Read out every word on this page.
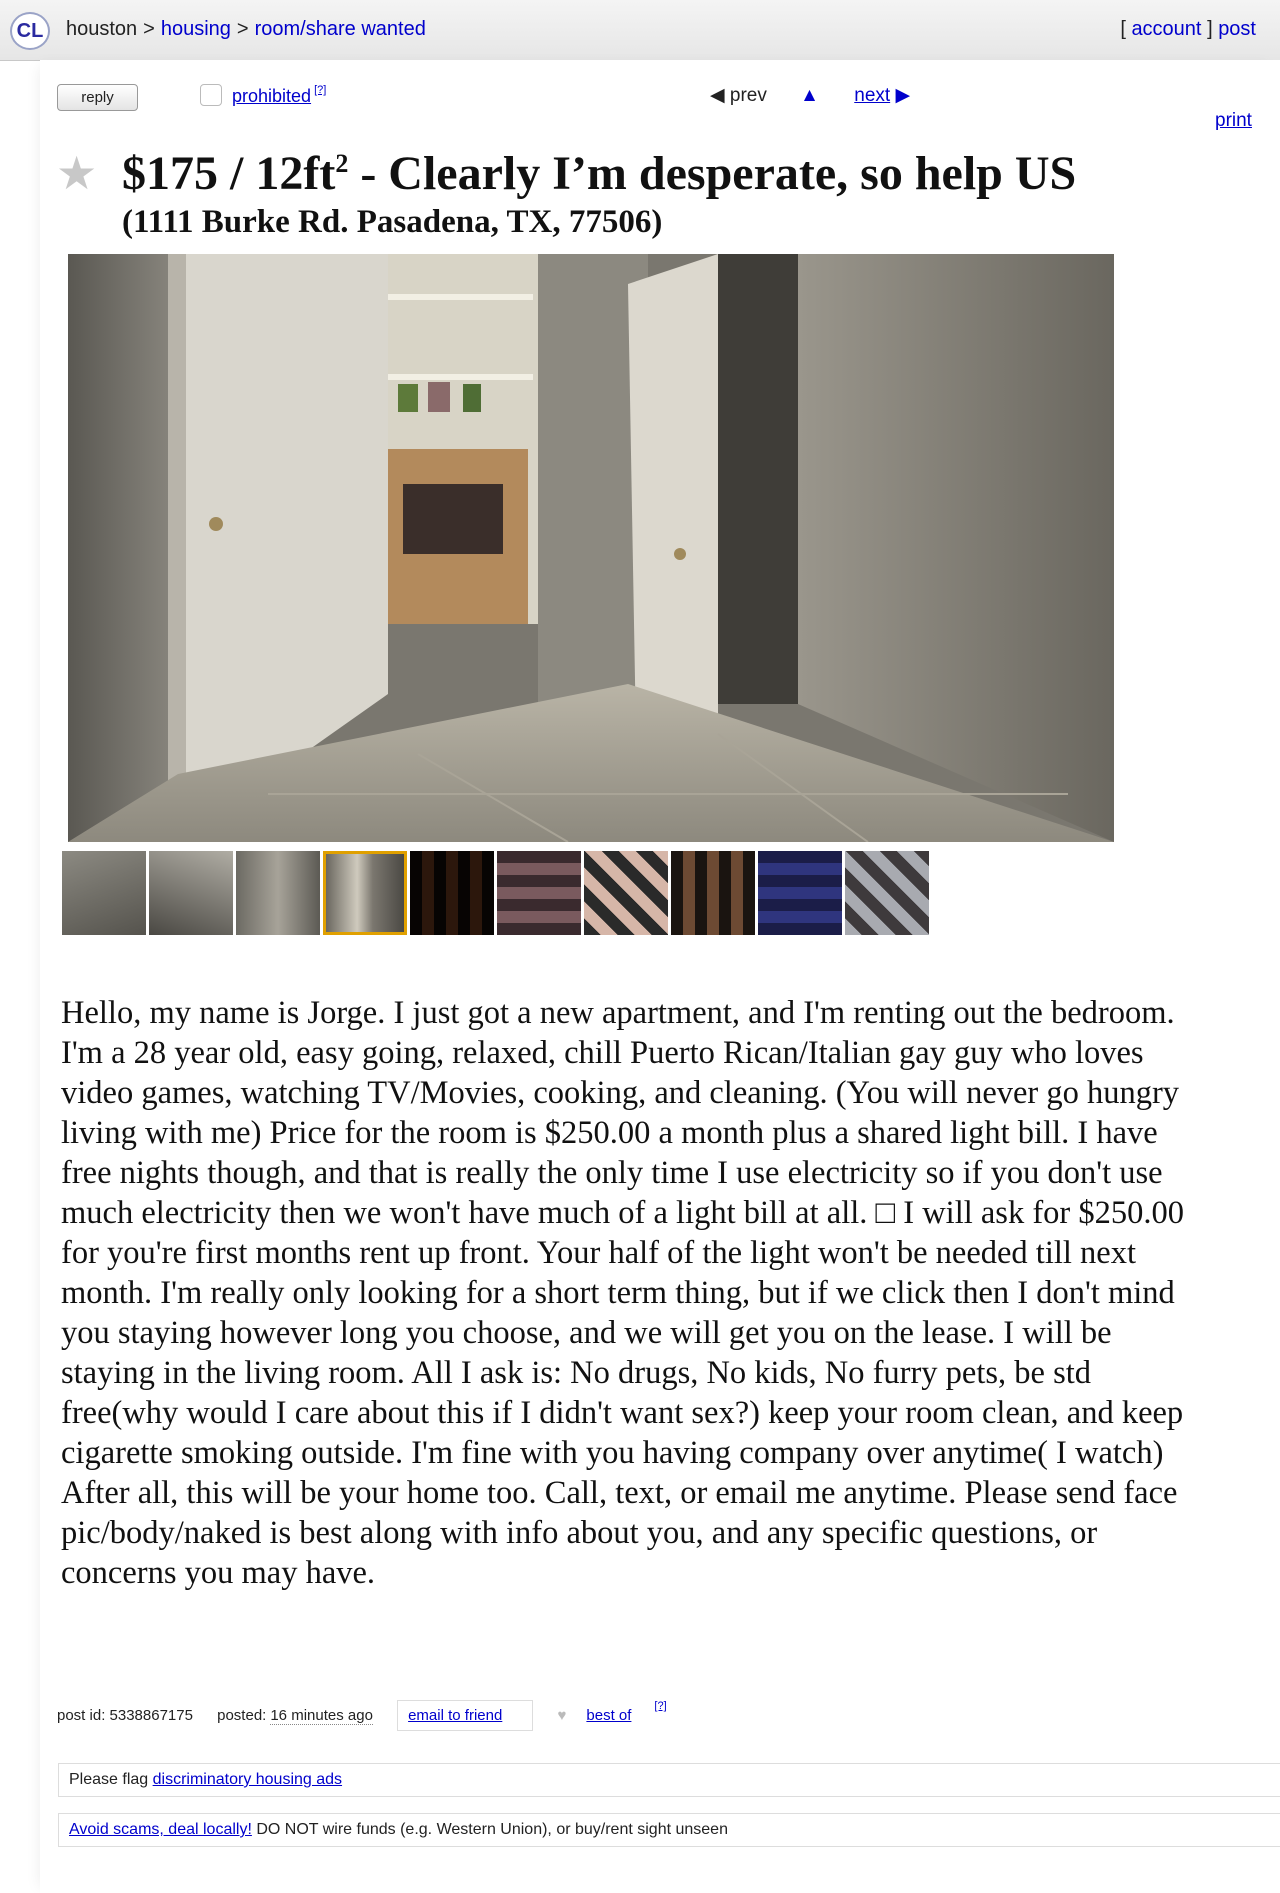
CL	houston > housing > room/share wanted	[ account ] post
reply	prohibited [?]	◀ prev ▲ next ▶
print
★ $175 / $12ft^2$ - Clearly I’m desperate, so help US
(1111 Burke Rd. Pasadena, TX, 77506)
Hello, my name is Jorge. I just got a new apartment, and I'm renting out the bedroom. I'm a 28 year old, easy going, relaxed, chill Puerto Rican/Italian gay guy who loves video games, watching TV/Movies, cooking, and cleaning. (You will never go hungry living with me) Price for the room is $250.00 a month plus a shared light bill. I have free nights though, and that is really the only time I use electricity so if you don't use much electricity then we won't have much of a light bill at all. □ I will ask for $250.00 for you're first months rent up front. Your half of the light won't be needed till next month. I'm really only looking for a short term thing, but if we click then I don't mind you staying however long you choose, and we will get you on the lease. I will be staying in the living room. All I ask is: No drugs, No kids, No furry pets, be std free(why would I care about this if I didn't want sex?) keep your room clean, and keep cigarette smoking outside. I'm fine with you having company over anytime( I watch) After all, this will be your home too. Call, text, or email me anytime. Please send face pic/body/naked is best along with info about you, and any specific questions, or concerns you may have.
post id: 5338867175 posted: 16 minutes ago email to friend	♥ best of[?]
Please flag discriminatory housing ads
Avoid scams, deal locally! DO NOT wire funds (e.g. Western Union), or buy/rent sight unseen
